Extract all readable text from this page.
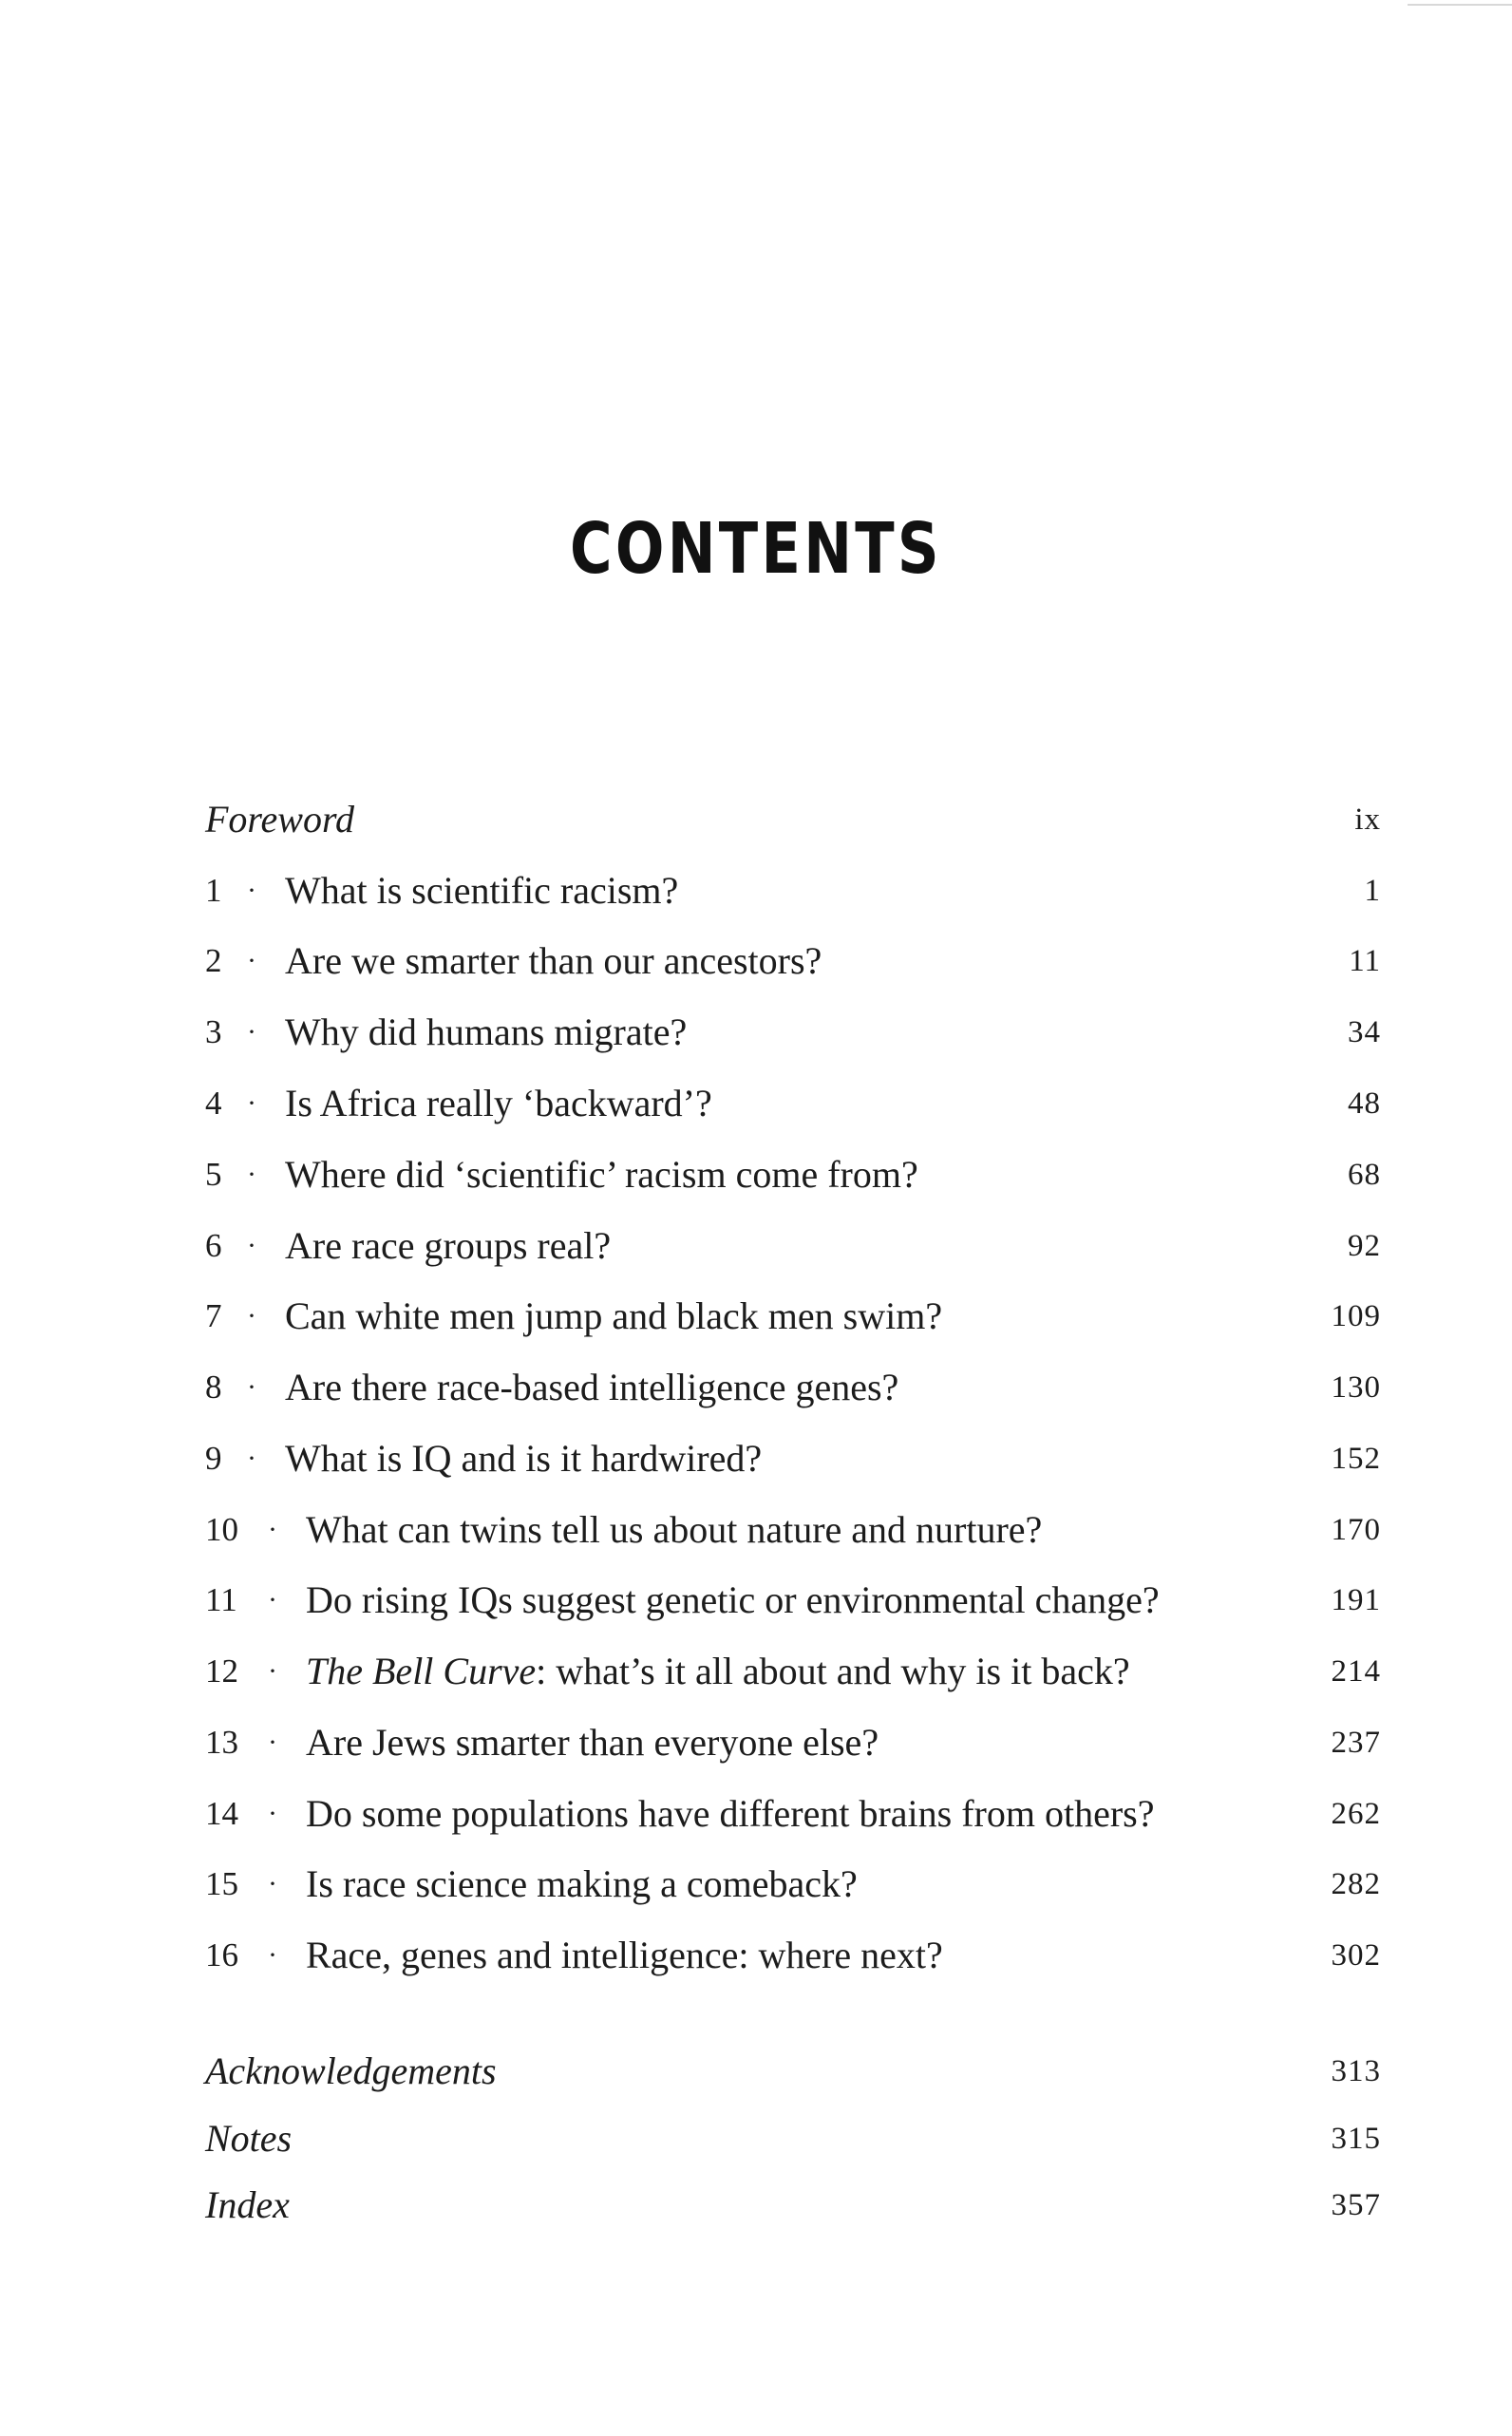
CONTENTS
Foreword	ix
1 · What is scientific racism?	1
2 · Are we smarter than our ancestors?	11
3 · Why did humans migrate?	34
4 · Is Africa really ‘backward’?	48
5 · Where did ‘scientific’ racism come from?	68
6 · Are race groups real?	92
7 · Can white men jump and black men swim?	109
8 · Are there race-based intelligence genes?	130
9 · What is IQ and is it hardwired?	152
10 · What can twins tell us about nature and nurture?	170
11 · Do rising IQs suggest genetic or environmental change?	191
12 · The Bell Curve: what’s it all about and why is it back?	214
13 · Are Jews smarter than everyone else?	237
14 · Do some populations have different brains from others?	262
15 · Is race science making a comeback?	282
16 · Race, genes and intelligence: where next?	302
Acknowledgements	313
Notes	315
Index	357
